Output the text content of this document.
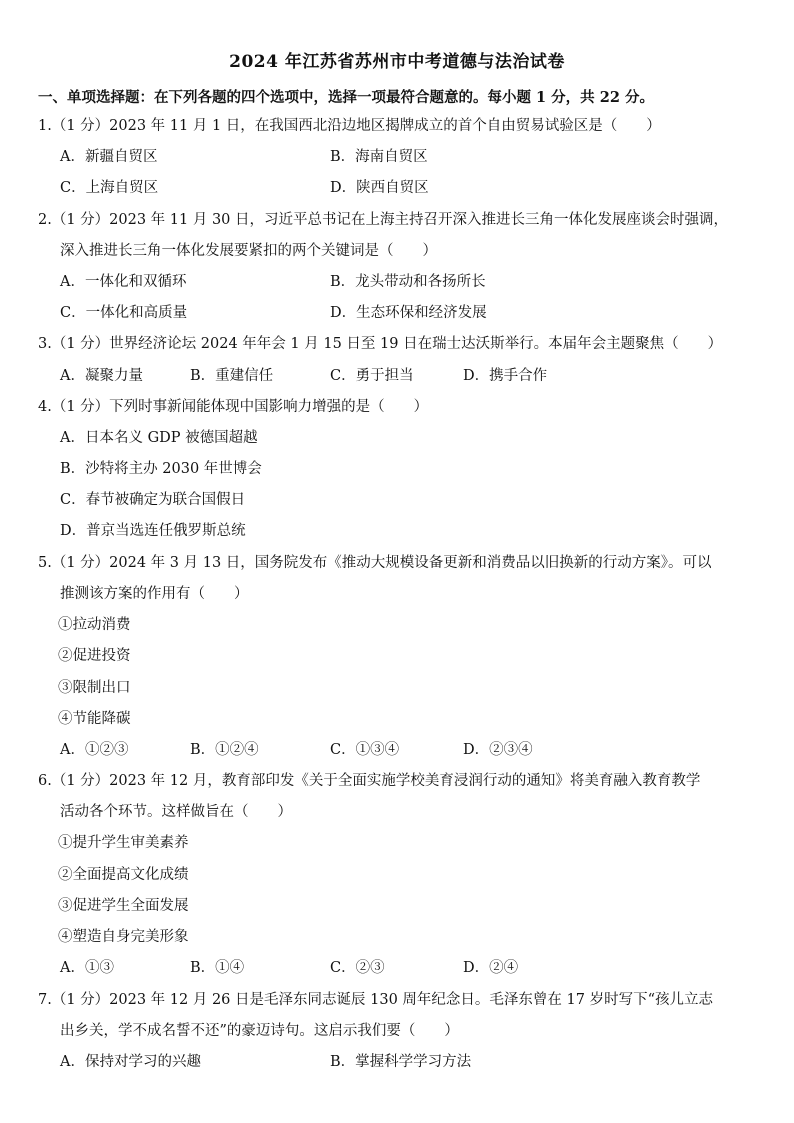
2024 年江苏省苏州市中考道德与法治试卷
一、单项选择题：在下列各题的四个选项中，选择一项最符合题意的。每小题 1 分，共 22 分。
1.（1 分）2023 年 11 月 1 日，在我国西北沿边地区揭牌成立的首个自由贸易试验区是（　　）
A．新疆自贸区	B．海南自贸区
C．上海自贸区	D．陕西自贸区
2.（1 分）2023 年 11 月 30 日，习近平总书记在上海主持召开深入推进长三角一体化发展座谈会时强调，
深入推进长三角一体化发展要紧扣的两个关键词是（　　）
A．一体化和双循环	B．龙头带动和各扬所长
C．一体化和高质量	D．生态环保和经济发展
3.（1 分）世界经济论坛 2024 年年会 1 月 15 日至 19 日在瑞士达沃斯举行。本届年会主题聚焦（　　）
A．凝聚力量	B．重建信任	C．勇于担当	D．携手合作
4.（1 分）下列时事新闻能体现中国影响力增强的是（　　）
A．日本名义 GDP 被德国超越
B．沙特将主办 2030 年世博会
C．春节被确定为联合国假日
D．普京当选连任俄罗斯总统
5.（1 分）2024 年 3 月 13 日，国务院发布《推动大规模设备更新和消费品以旧换新的行动方案》。可以
推测该方案的作用有（　　）
①拉动消费
②促进投资
③限制出口
④节能降碳
A．①②③	B．①②④	C．①③④	D．②③④
6.（1 分）2023 年 12 月，教育部印发《关于全面实施学校美育浸润行动的通知》将美育融入教育教学
活动各个环节。这样做旨在（　　）
①提升学生审美素养
②全面提高文化成绩
③促进学生全面发展
④塑造自身完美形象
A．①③	B．①④	C．②③	D．②④
7.（1 分）2023 年 12 月 26 日是毛泽东同志诞辰 130 周年纪念日。毛泽东曾在 17 岁时写下“孩儿立志
出乡关，学不成名誓不还”的豪迈诗句。这启示我们要（　　）
A．保持对学习的兴趣	B．掌握科学学习方法
